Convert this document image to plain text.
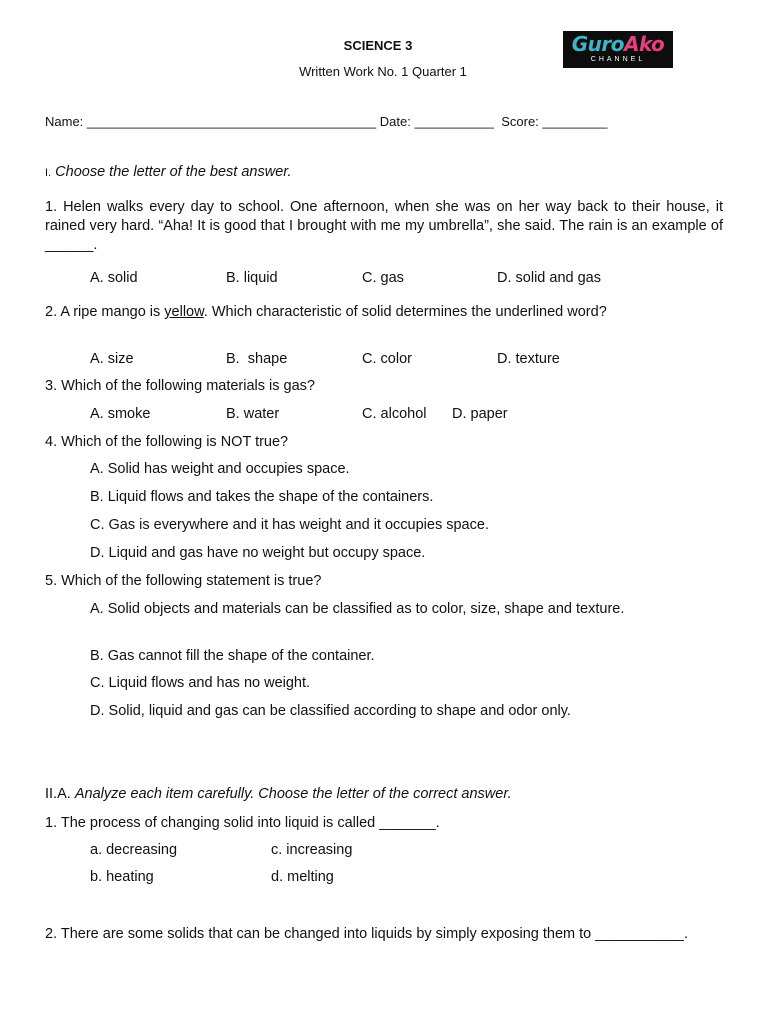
SCIENCE 3
Written Work No. 1 Quarter 1
GuroAko
CHANNEL
Name: ________________________________________ Date: ___________ Score: _________
I. Choose the letter of the best answer.
1. Helen walks every day to school. One afternoon, when she was on her way back to their house, it rained very hard. “Aha! It is good that I brought with me my umbrella”, she said. The rain is an example of ______.
A. solid	B. liquid	C. gas	D. solid and gas
2. A ripe mango is yellow. Which characteristic of solid determines the underlined word?
A. size	B.  shape	C. color	D. texture
3. Which of the following materials is gas?
A. smoke	B. water	C. alcohol D. paper
4. Which of the following is NOT true?
A. Solid has weight and occupies space.
B. Liquid flows and takes the shape of the containers.
C. Gas is everywhere and it has weight and it occupies space.
D. Liquid and gas have no weight but occupy space.
5. Which of the following statement is true?
A. Solid objects and materials can be classified as to color, size, shape and texture.
B. Gas cannot fill the shape of the container.
C. Liquid flows and has no weight.
D. Solid, liquid and gas can be classified according to shape and odor only.
II.A. Analyze each item carefully. Choose the letter of the correct answer.
1. The process of changing solid into liquid is called _______.
a. decreasing	c. increasing
b. heating	d. melting
2. There are some solids that can be changed into liquids by simply exposing them to ___________.
